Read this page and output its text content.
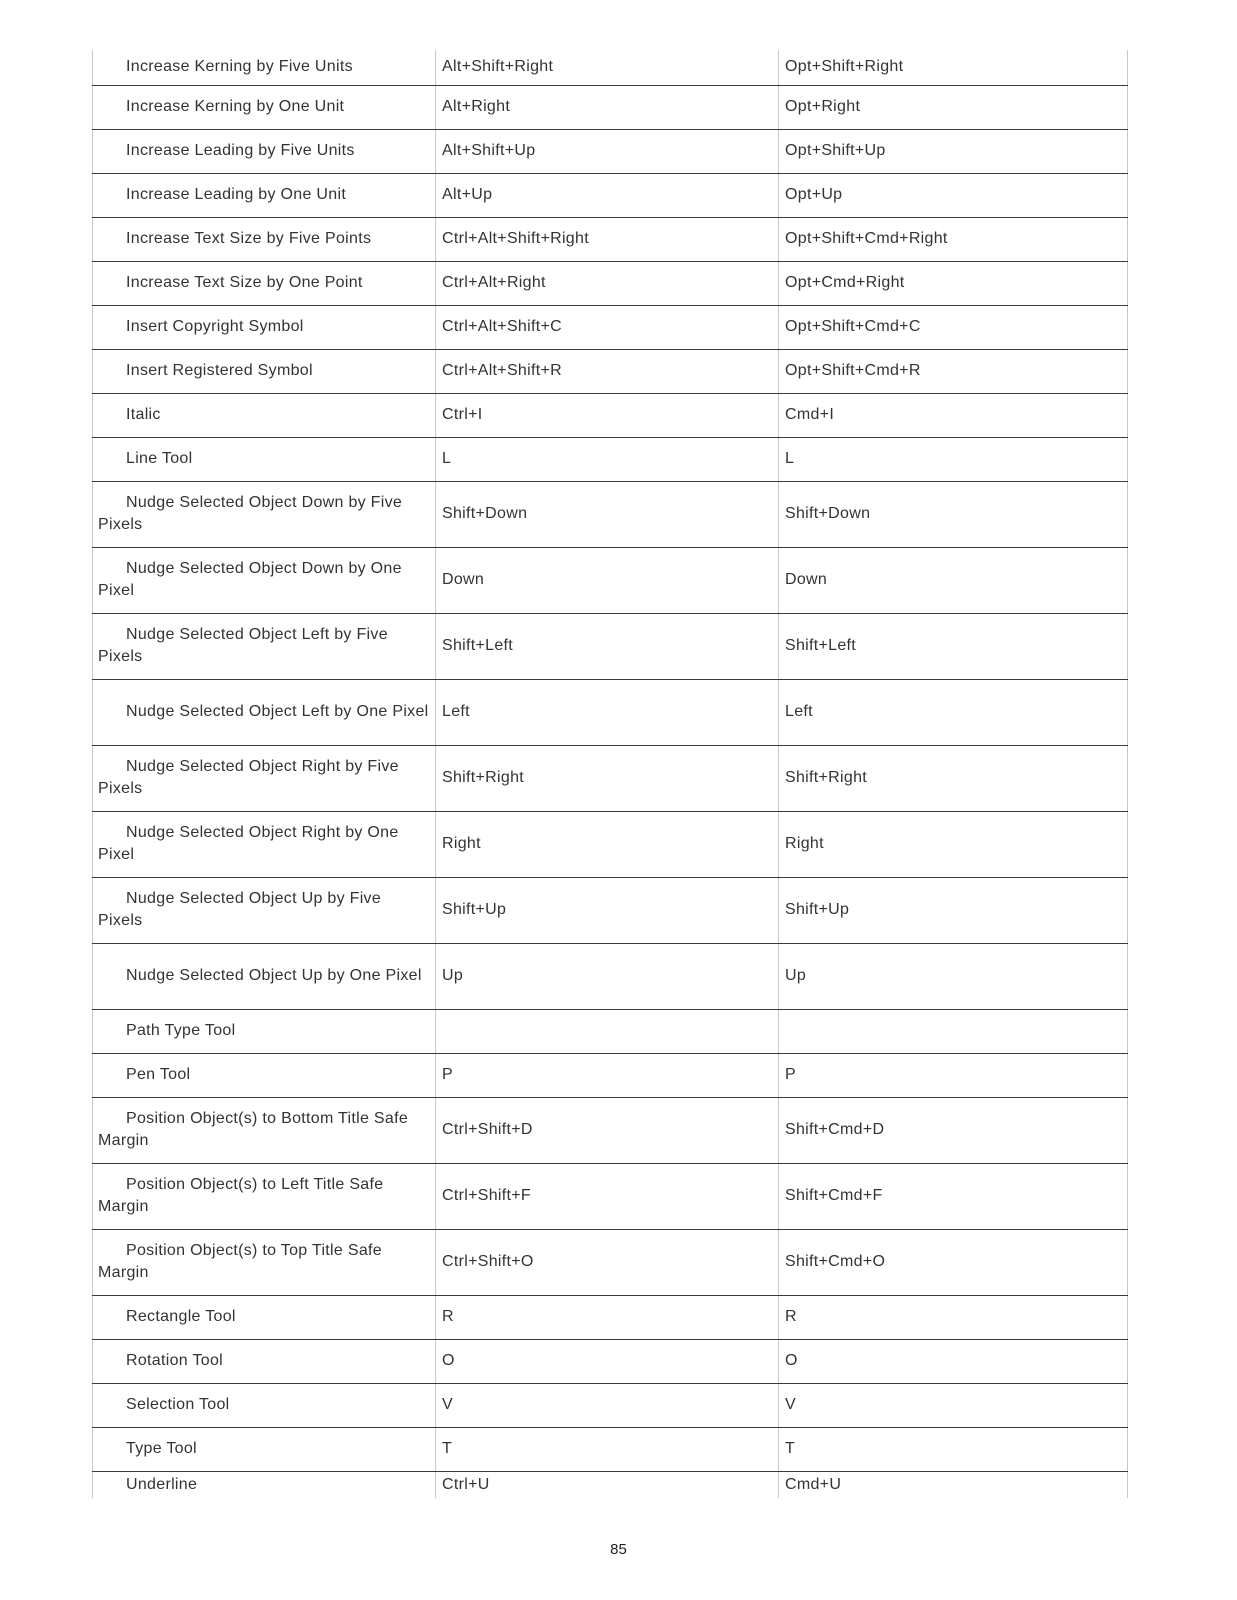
Increase Kerning by Five Units	Alt+Shift+Right	Opt+Shift+Right
Increase Kerning by One Unit	Alt+Right	Opt+Right
Increase Leading by Five Units	Alt+Shift+Up	Opt+Shift+Up
Increase Leading by One Unit	Alt+Up	Opt+Up
Increase Text Size by Five Points	Ctrl+Alt+Shift+Right	Opt+Shift+Cmd+Right
Increase Text Size by One Point	Ctrl+Alt+Right	Opt+Cmd+Right
Insert Copyright Symbol	Ctrl+Alt+Shift+C	Opt+Shift+Cmd+C
Insert Registered Symbol	Ctrl+Alt+Shift+R	Opt+Shift+Cmd+R
Italic	Ctrl+I	Cmd+I
Line Tool	L	L
Nudge Selected Object Down by Five Pixels	Shift+Down	Shift+Down
Nudge Selected Object Down by One Pixel	Down	Down
Nudge Selected Object Left by Five Pixels	Shift+Left	Shift+Left
Nudge Selected Object Left by One Pixel	Left	Left
Nudge Selected Object Right by Five Pixels	Shift+Right	Shift+Right
Nudge Selected Object Right by One Pixel	Right	Right
Nudge Selected Object Up by Five Pixels	Shift+Up	Shift+Up
Nudge Selected Object Up by One Pixel	Up	Up
Path Type Tool		
Pen Tool	P	P
Position Object(s) to Bottom Title Safe Margin	Ctrl+Shift+D	Shift+Cmd+D
Position Object(s) to Left Title Safe Margin	Ctrl+Shift+F	Shift+Cmd+F
Position Object(s) to Top Title Safe Margin	Ctrl+Shift+O	Shift+Cmd+O
Rectangle Tool	R	R
Rotation Tool	O	O
Selection Tool	V	V
Type Tool	T	T
Underline	Ctrl+U	Cmd+U
85
